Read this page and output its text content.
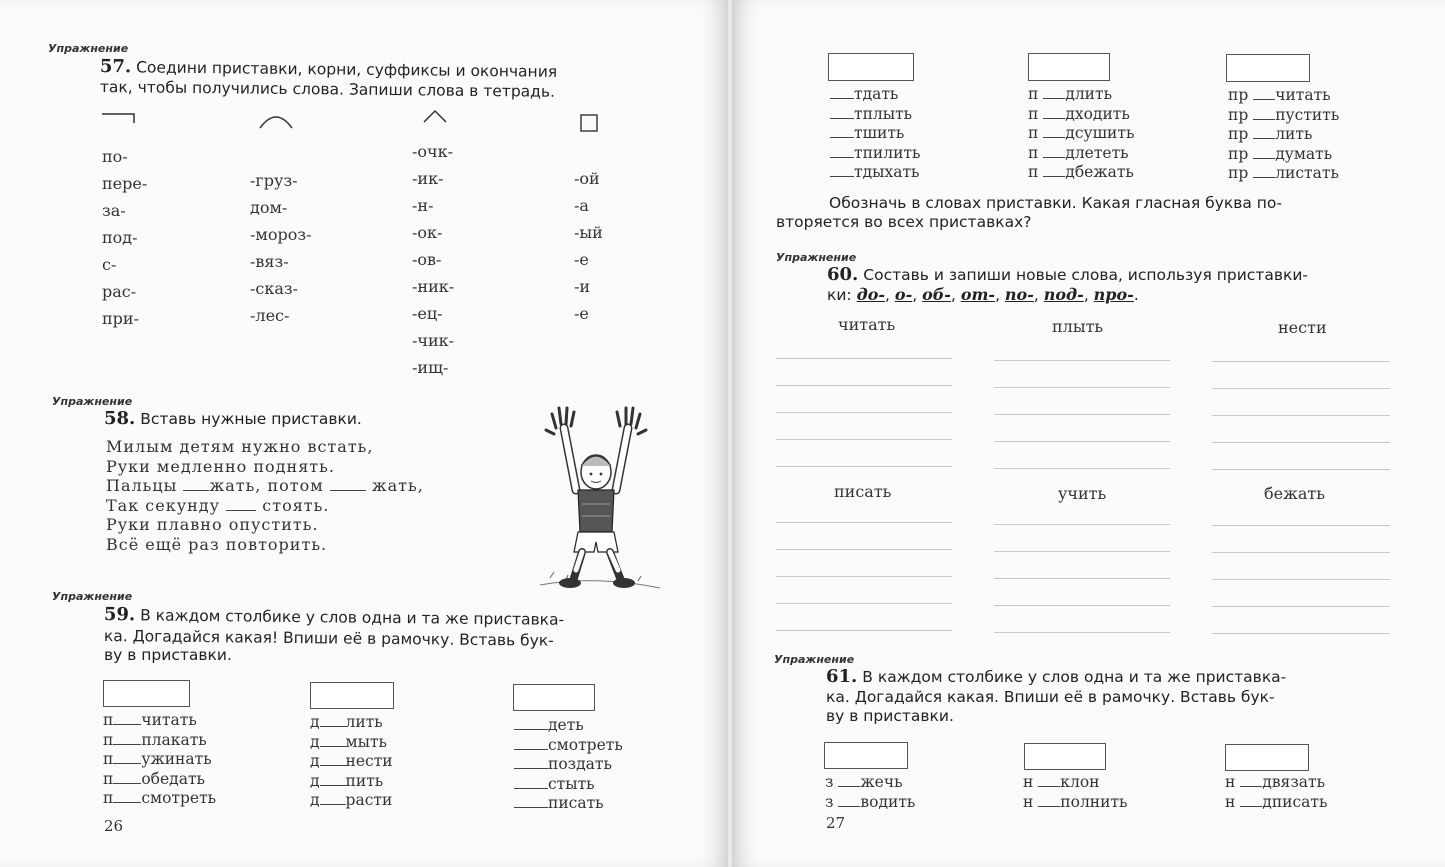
Упражнение
57. Соедини приставки, корни, суффиксы и окончания
так, чтобы получились слова. Запиши слова в тетрадь.
по-
пере-
за-
под-
с-
рас-
при-
-груз-
дом-
-мороз-
-вяз-
-сказ-
-лес-
-очк-
-ик-
-н-
-ок-
-ов-
-ник-
-ец-
-чик-
-ищ-
-ой
-а
-ый
-е
-и
-е
Упражнение
58. Вставь нужные приставки.
Милым детям нужно встать,
Руки медленно поднять.
Пальцы жать, потом	жать,
Так секунду	стоять.
Руки плавно опустить.
Всё ещё раз повторить.
Упражнение
59. В каждом столбике у слов одна и та же приставка-
ка. Догадайся какая! Впиши её в рамочку. Вставь бук-
ву в приставки.
п читать
п плакать
п ужинать
п обедать
п смотреть
д лить
д мыть
д нести
д пить
д расти
деть
смотреть
поздать
стыть
писать
26
тдать
тплыть
тшить
тпилить
тдыхать
п длить
п дходить
п дсушить
п длететь
п дбежать
пр читать
пр пустить
пр лить
пр думать
пр листать
Обозначь в словах приставки. Какая гласная буква по-
вторяется во всех приставках?
Упражнение
60. Составь и запиши новые слова, используя приставки-
ки: до-, о-, об-, от-, по-, под-, про-.
читать	плыть	нести
писать	учить	бежать
Упражнение
61. В каждом столбике у слов одна и та же приставка-
ка. Догадайся какая. Впиши её в рамочку. Вставь бук-
ву в приставки.
з жечь
з водить
н клон
н полнить
н двязать
н дписать
27
